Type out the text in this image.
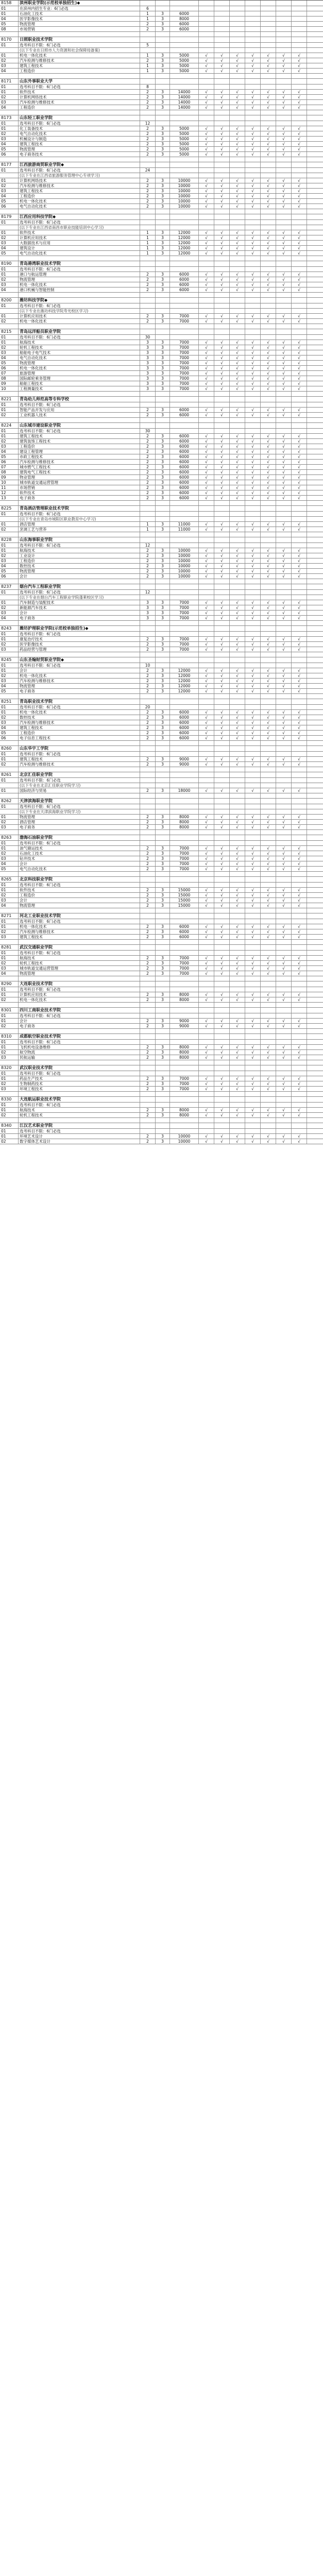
8158	滨州职业学院(示范校单独招生)◆
01	在滨州内招生专业：6门必选	6
01	石油化工技术	1	3	6000
04	医学影像技术	1	3	8000
05	物流管理	2	3	6000
08	市场营销	2	3	6000
8170	日照职业技术学院
01	选考科目不限：6门必选	5
(以下专业在日照市人力资源和社会保障局备案)
01	机电一体化技术	1	3	5000	√	√	√	√	√	√	√
02	汽车检测与维修技术	2	3	5000	√	√	√	√	√	√	√
03	建筑工程技术	1	3	5000	√	√	√	√	√	√	√
04	工程造价	1	3	5000	√	√	√	√	√	√	√
8171	山东外事职业大学
01	选考科目不限：6门必选	8
01	软件技术	2	3	14000	√	√	√	√	√	√	√
02	计算机网络技术	2	3	14000	√	√	√	√	√	√	√
03	汽车检测与维修技术	2	3	14000	√	√	√	√	√	√	√
04	工程造价	2	3	14000	√	√	√	√	√	√	√
8173	山东轻工职业学院
01	选考科目不限：6门必选	12
01	化工装备技术	2	3	5000	√	√	√	√	√	√	√
02	电气自动化技术	2	3	5000	√	√	√	√	√	√	√
03	机械设计与制造	2	3	5000	√	√	√	√	√	√	√
04	建筑工程技术	2	3	5000	√	√	√	√	√	√	√
05	物流管理	2	3	5000	√	√	√	√	√	√	√
06	电子商务技术	2	3	5000	√	√	√	√	√	√	√
8177	江西旅游商贸职业学院◆
01	选考科目不限：6门必选	24
(以下专业在江西省旅游服务管理中心专项学习)
01	计算机网络技术	2	3	10000	√	√	√	√	√	√	√
02	汽车检测与维修技术	2	3	10000	√	√	√	√	√	√	√
03	建筑工程技术	2	3	10000	√	√	√	√	√	√	√
04	工程造价	2	3	10000	√	√	√	√	√	√	√
05	机电一体化技术	2	3	10000	√	√	√	√	√	√	√
06	电气自动化技术	2	3	10000	√	√	√	√	√	√	√
8179	江西应用科技学院◆
01	选考科目不限：6门必选
(以下专业在江西省南昌市职业技能培训中心学习)
01	软件技术	1	3	12000	√	√	√	√	√	√	√
02	计算机应用技术	1	3	12000	√	√	√	√	√	√	√
03	大数据技术与应用	1	3	12000	√	√	√	√	√	√	√
04	建筑设计	1	3	12000	√	√	√	√	√	√	√
05	电气自动化技术	1	3	12000	√	√	√	√	√	√	√
8190	青岛港湾职业技术学院
01	选考科目不限：6门必选
01	港口与航运管理	2	3	6000	√	√	√	√	√	√	√
02	物流管理	2	3	6000	√	√	√	√	√	√	√
03	机电一体化技术	2	3	6000	√	√	√	√	√	√	√
04	港口机械与智能控制	2	3	6000	√	√	√	√	√	√	√
8200	潍坊科技学院◆
01	选考科目不限：6门必选
(以下专业在潍坊科技学院寿光校区学习)
01	计算机应用技术	2	3	7000	√	√	√	√	√	√	√
02	机电一体化技术	2	3	7000	√	√	√	√	√	√	√
8215	青岛远洋船员职业学院
01	选考科目不限：6门必选	30
01	航海技术	3	3	7000	√	√	√	√	√	√	√
02	轮机工程技术	3	3	7000	√	√	√	√	√	√	√
03	船舶电子电气技术	3	3	7000	√	√	√	√	√	√	√
04	电气自动化技术	3	3	7000	√	√	√	√	√	√	√
05	物流管理	3	3	7000	√	√	√	√	√	√	√
06	机电一体化技术	3	3	7000	√	√	√	√	√	√	√
07	旅游管理	3	3	7000	√	√	√	√	√	√	√
08	国际邮轮乘务管理	3	3	7000	√	√	√	√	√	√	√
09	船舶工程技术	3	3	7000	√	√	√	√	√	√	√
10	工程测量技术	3	3	7000	√	√	√	√	√	√	√
8221	青岛幼儿师范高等专科学校
01	选考科目不限：6门必选
01	智能产品开发与应用	2	3	6000	√	√	√	√	√	√	√
02	工业机器人技术	2	3	6000	√	√	√	√	√	√	√
8224	山东城市建设职业学院
01	选考科目不限：6门必选	30
01	建筑工程技术	2	3	6000	√	√	√	√	√	√	√
02	建筑装饰工程技术	2	3	6000	√	√	√	√	√	√	√
03	工程造价	2	3	6000	√	√	√	√	√	√	√
04	建设工程管理	2	3	6000	√	√	√	√	√	√	√
05	市政工程技术	2	3	6000	√	√	√	√	√	√	√
06	汽车检测与维修技术	2	3	6000	√	√	√	√	√	√	√
07	城市燃气工程技术	2	3	6000	√	√	√	√	√	√	√
08	建筑电气工程技术	2	3	6000	√	√	√	√	√	√	√
09	物业管理	2	3	6000	√	√	√	√	√	√	√
10	城市轨道交通运营管理	2	3	6000	√	√	√	√	√	√	√
11	市场营销	2	3	6000	√	√	√	√	√	√	√
12	软件技术	2	3	6000	√	√	√	√	√	√	√
13	电子商务	2	3	6000	√	√	√	√	√	√	√
8225	青岛酒店管理职业技术学院
01	选考科目不限：6门必选
(以下专业在青岛市城阳区职业教育中心学习)
01	酒店管理	1	3	11000	√	√	√	√	√	√	√
02	烹调工艺与营养	1	3	11000	√	√	√	√	√	√	√
8228	山东海事职业学院
01	选考科目不限：6门必选	12
01	航海技术	2	3	10000	√	√	√	√	√	√	√
02	工业设计	2	3	10000	√	√	√	√	√	√	√
03	工程造价	2	3	10000	√	√	√	√	√	√	√
04	数控技术	2	3	10000	√	√	√	√	√	√	√
05	物流管理	2	3	10000	√	√	√	√	√	√	√
06	会计	2	3	10000	√	√	√	√	√	√	√
8237	烟台汽车工程职业学院
01	选考科目不限：6门必选	12
(以下专业在烟台汽车工程职业学院蓬莱校区学习)
01	汽车制造与装配技术	3	3	7000	√	√	√	√	√	√	√
02	新能源汽车技术	3	3	7000	√	√	√	√	√	√	√
03	会计	3	3	7000	√	√	√	√	√	√	√
04	电子商务	3	3	7000	√	√	√	√	√	√	√
8243	潍坊护理职业学院(示范校单独招生)◆
01	选考科目不限：6门必选
01	康复治疗技术	2	3	7000	√	√	√	√	√	√	√
02	医学影像技术	2	3	7000	√	√	√	√	√	√	√
03	药品经营与管理	2	3	7000	√	√	√	√	√	√	√
8245	山东圣翰财贸职业学院◆
01	选考科目不限：6门必选	10
01	会计	2	3	12000	√	√	√	√	√	√	√
02	机电一体化技术	2	3	12000	√	√	√	√	√	√	√
03	汽车检测与维修技术	2	3	12000	√	√	√	√	√	√	√
04	物流管理	2	3	12000	√	√	√	√	√	√	√
05	电子商务	2	3	12000	√	√	√	√	√	√	√
8251	青岛职业技术学院
01	选考科目不限：6门必选	20
01	机电一体化技术	2	3	6000	√	√	√	√	√	√	√
02	数控技术	2	3	6000	√	√	√	√	√	√	√
03	汽车检测与维修技术	2	3	6000	√	√	√	√	√	√	√
04	建筑工程技术	2	3	6000	√	√	√	√	√	√	√
05	工程造价	2	3	6000	√	√	√	√	√	√	√
06	电子信息工程技术	2	3	6000	√	√	√	√	√	√	√
8260	山东华宇工学院
01	选考科目不限：6门必选
01	建筑工程技术	2	3	9000	√	√	√	√	√	√	√
02	汽车检测与维修技术	2	3	9000	√	√	√	√	√	√	√
8261	北京汇佳职业学院
01	选考科目不限：6门必选
(以下专业在北京汇佳职业学院学习)
01	国际经济与贸易	2	3	18000	√	√	√	√	√	√	√
8262	天津滨海职业学院
01	选考科目不限：6门必选
(以下专业在天津滨海职业学院学习)
01	物流管理	2	3	8000	√	√	√	√	√	√	√
02	酒店管理	2	3	8000	√	√	√	√	√	√	√
03	电子商务	2	3	8000	√	√	√	√	√	√	√
8263	渤海石油职业学院
01	选考科目不限：6门必选
01	油气储运技术	2	3	7000	√	√	√	√	√	√	√
02	石油化工技术	2	3	7000	√	√	√	√	√	√	√
03	钻井技术	2	3	7000	√	√	√	√	√	√	√
04	会计	2	3	7000	√	√	√	√	√	√	√
05	电气自动化技术	2	3	7000	√	√	√	√	√	√	√
8265	北京科技职业学院
01	选考科目不限：6门必选
01	软件技术	2	3	15000	√	√	√	√	√	√	√
02	工程造价	2	3	15000	√	√	√	√	√	√	√
03	会计	2	3	15000	√	√	√	√	√	√	√
04	物流管理	2	3	15000	√	√	√	√	√	√	√
8271	河北工业职业技术学院
01	选考科目不限：6门必选
01	机电一体化技术	2	3	6000	√	√	√	√	√	√	√
02	汽车检测与维修技术	2	3	6000	√	√	√	√	√	√	√
03	建筑工程技术	2	3	6000	√	√	√	√	√	√	√
8281	武汉交通职业学院
01	选考科目不限：6门必选
01	航海技术	2	3	7000	√	√	√	√	√	√	√
02	轮机工程技术	2	3	7000	√	√	√	√	√	√	√
03	城市轨道交通运营管理	2	3	7000	√	√	√	√	√	√	√
04	物流管理	2	3	7000	√	√	√	√	√	√	√
8290	大连职业技术学院
01	选考科目不限：6门必选
01	计算机应用技术	2	3	8000	√	√	√	√	√	√	√
02	机电一体化技术	2	3	8000	√	√	√	√	√	√	√
8301	四川工商职业技术学院
01	选考科目不限：6门必选
01	会计	2	3	9000	√	√	√	√	√	√	√
02	电子商务	2	3	9000	√	√	√	√	√	√	√
8310	成都航空职业技术学院
01	选考科目不限：6门必选
01	飞机机电设备维修	2	3	8000	√	√	√	√	√	√	√
02	航空物流	2	3	8000	√	√	√	√	√	√	√
03	民航运输	2	3	8000	√	√	√	√	√	√	√
8320	武汉职业技术学院
01	选考科目不限：6门必选
01	药品生产技术	2	3	7000	√	√	√	√	√	√	√
02	生物制药技术	2	3	7000	√	√	√	√	√	√	√
03	环境工程技术	2	3	7000	√	√	√	√	√	√	√
8330	大连航运职业技术学院
01	选考科目不限：6门必选
01	航海技术	2	3	8000	√	√	√	√	√	√	√
02	轮机工程技术	2	3	8000	√	√	√	√	√	√	√
8340	江汉艺术职业学院
01	选考科目不限：6门必选
01	环境艺术设计	2	3	10000	√	√	√	√	√	√	√
02	数字媒体艺术设计	2	3	10000	√	√	√	√	√	√	√
